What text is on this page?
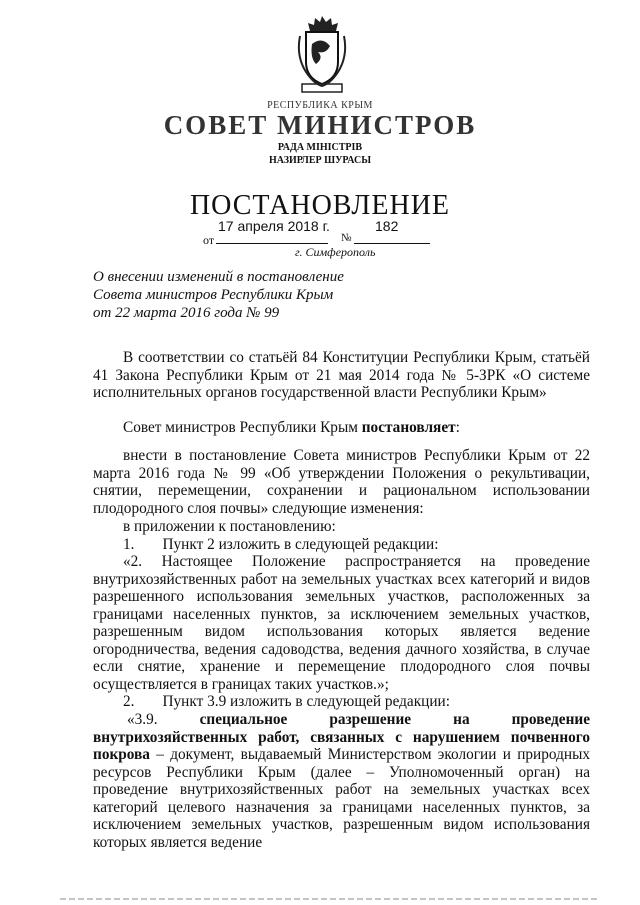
РЕСПУБЛИКА КРЫМ
СОВЕТ МИНИСТРОВ
РАДА МІНІСТРІВ
НАЗИРЛЕР ШУРАСЫ
ПОСТАНОВЛЕНИЕ
17 апреля 2018 г.	182
от	№
г. Симферополь
О внесении изменений в постановление
Совета министров Республики Крым
от 22 марта 2016 года № 99
В соответствии со статьёй 84 Конституции Республики Крым, статьёй 41 Закона Республики Крым от 21 мая 2014 года № 5-ЗРК «О системе исполнительных органов государственной власти Республики Крым»
Совет министров Республики Крым постановляет:
внести в постановление Совета министров Республики Крым от 22 марта 2016 года № 99 «Об утверждении Положения о рекультивации, снятии, перемещении, сохранении и рациональном использовании плодородного слоя почвы» следующие изменения:
в приложении к постановлению:
1. Пункт 2 изложить в следующей редакции:
«2. Настоящее Положение распространяется на проведение внутрихозяйственных работ на земельных участках всех категорий и видов разрешенного использования земельных участков, расположенных за границами населенных пунктов, за исключением земельных участков, разрешенным видом использования которых является ведение огородничества, ведения садоводства, ведения дачного хозяйства, в случае если снятие, хранение и перемещение плодородного слоя почвы осуществляется в границах таких участков.»;
2. Пункт 3.9 изложить в следующей редакции:
«3.9. специальное разрешение на проведение внутрихозяйственных работ, связанных с нарушением почвенного покрова – документ, выдаваемый Министерством экологии и природных ресурсов Республики Крым (далее – Уполномоченный орган) на проведение внутрихозяйственных работ на земельных участках всех категорий целевого назначения за границами населенных пунктов, за исключением земельных участков, разрешенным видом использования которых является ведение
